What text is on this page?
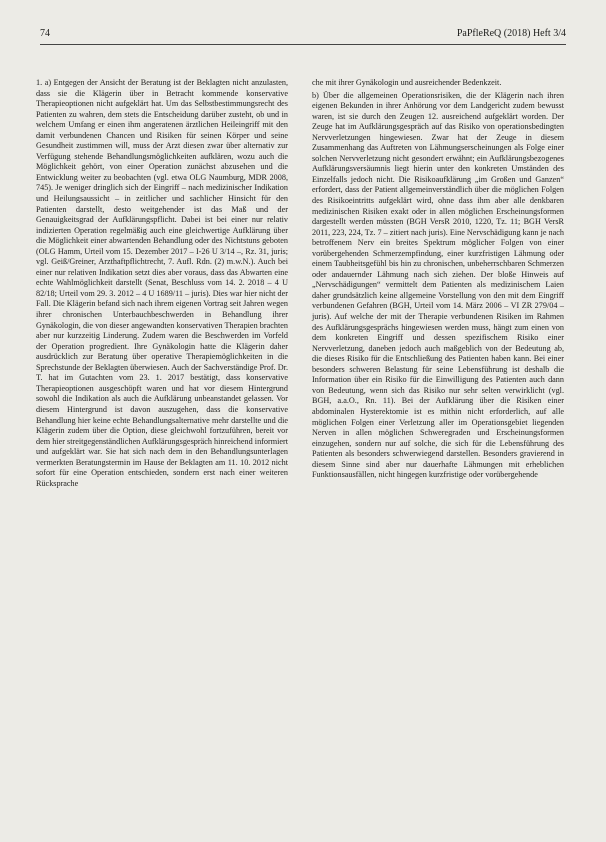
74	PaPfleReQ (2018) Heft 3/4

1. a) Entgegen der Ansicht der Beratung ist der Beklagten nicht anzulasten, dass sie die Klägerin über in Betracht kommende konservative Therapieoptionen nicht aufgeklärt hat. Um das Selbstbestimmungsrecht des Patienten zu wahren, dem stets die Entscheidung darüber zusteht, ob und in welchem Umfang er einen ihm angeratenen ärztlichen Heileingriff mit den damit verbundenen Chancen und Risiken für seinen Körper und seine Gesundheit zustimmen will, muss der Arzt diesen zwar über alternativ zur Verfügung stehende Behandlungsmöglichkeiten aufklären, wozu auch die Möglichkeit gehört, von einer Operation zunächst abzusehen und die Entwicklung weiter zu beobachten (vgl. etwa OLG Naumburg, MDR 2008, 745). Je weniger dringlich sich der Eingriff – nach medizinischer Indikation und Heilungsaussicht – in zeitlicher und sachlicher Hinsicht für den Patienten darstellt, desto weitgehender ist das Maß und der Genauigkeitsgrad der Aufklärungspflicht. Dabei ist bei einer nur relativ indizierten Operation regelmäßig auch eine gleichwertige Aufklärung über die Möglichkeit einer abwartenden Behandlung oder des Nichtstuns geboten (OLG Hamm, Urteil vom 15. Dezember 2017 – I-26 U 3/14 –, Rz. 31, juris; vgl. Geiß/Greiner, Arzthaftpflichtrecht, 7. Aufl. Rdn. (2) m.w.N.). Auch bei einer nur relativen Indikation setzt dies aber voraus, dass das Abwarten eine echte Wahlmöglichkeit darstellt (Senat, Beschluss vom 14. 2. 2018 – 4 U 82/18; Urteil vom 29. 3. 2012 – 4 U 1689/11 – juris). Dies war hier nicht der Fall. Die Klägerin befand sich nach ihrem eigenen Vortrag seit Jahren wegen ihrer chronischen Unterbauchbeschwerden in Behandlung ihrer Gynäkologin, die von dieser angewandten konservativen Therapien brachten aber nur kurzzeitig Linderung. Zudem waren die Beschwerden im Vorfeld der Operation progredient. Ihre Gynäkologin hatte die Klägerin daher ausdrücklich zur Beratung über operative Therapiemöglichkeiten in die Sprechstunde der Beklagten überwiesen. Auch der Sachverständige Prof. Dr. T. hat im Gutachten vom 23. 1. 2017 bestätigt, dass konservative Therapieoptionen ausgeschöpft waren und hat vor diesem Hintergrund sowohl die Indikation als auch die Aufklärung unbeanstandet gelassen. Vor diesem Hintergrund ist davon auszugehen, dass die konservative Behandlung hier keine echte Behandlungsalternative mehr darstellte und die Klägerin zudem über die Option, diese gleichwohl fortzuführen, bereit vor dem hier streitgegenständlichen Aufklärungsgespräch hinreichend informiert und aufgeklärt war. Sie hat sich nach dem in den Behandlungsunterlagen vermerkten Beratungstermin im Hause der Beklagten am 11. 10. 2012 nicht sofort für eine Operation entschieden, sondern erst nach einer weiteren Rücksprache

che mit ihrer Gynäkologin und ausreichender Bedenkzeit.

b) Über die allgemeinen Operationsrisiken, die der Klägerin nach ihren eigenen Bekunden in ihrer Anhörung vor dem Landgericht zudem bewusst waren, ist sie durch den Zeugen 12. ausreichend aufgeklärt worden. Der Zeuge hat im Aufklärungsgespräch auf das Risiko von operationsbedingten Nervverletzungen hingewiesen. Zwar hat der Zeuge in diesem Zusammenhang das Auftreten von Lähmungserscheinungen als Folge einer solchen Nervverletzung nicht gesondert erwähnt; ein Aufklärungsbezogenes Aufklärungsversäumnis liegt hierin unter den konkreten Umständen des Einzelfalls jedoch nicht. Die Risikoaufklärung „im Großen und Ganzen“ erfordert, dass der Patient allgemeinverständlich über die möglichen Folgen des Risikoeintritts aufgeklärt wird, ohne dass ihm aber alle denkbaren medizinischen Risiken exakt oder in allen möglichen Erscheinungsformen dargestellt werden müssten (BGH VersR 2010, 1220, Tz. 11; BGH VersR 2011, 223, 224, Tz. 7 – zitiert nach juris). Eine Nervschädigung kann je nach betroffenem Nerv ein breites Spektrum möglicher Folgen von einer vorübergehenden Schmerzempfindung, einer kurzfristigen Lähmung oder einem Taubheitsgefühl bis hin zu chronischen, unbeherrschbaren Schmerzen oder andauernder Lähmung nach sich ziehen. Der bloße Hinweis auf „Nervschädigungen“ vermittelt dem Patienten als medizinischem Laien daher grundsätzlich keine allgemeine Vorstellung von den mit dem Eingriff verbundenen Gefahren (BGH, Urteil vom 14. März 2006 – VI ZR 279/04 – juris). Auf welche der mit der Therapie verbundenen Risiken im Rahmen des Aufklärungsgesprächs hingewiesen werden muss, hängt zum einen von dem konkreten Eingriff und dessen spezifischem Risiko einer Nervverletzung, daneben jedoch auch maßgeblich von der Bedeutung ab, die dieses Risiko für die Entschließung des Patienten haben kann. Bei einer besonders schweren Belastung für seine Lebensführung ist deshalb die Information über ein Risiko für die Einwilligung des Patienten auch dann von Bedeutung, wenn sich das Risiko nur sehr selten verwirklicht (vgl. BGH, a.a.O., Rn. 11). Bei der Aufklärung über die Risiken einer abdominalen Hysterektomie ist es mithin nicht erforderlich, auf alle möglichen Folgen einer Verletzung aller im Operationsgebiet liegenden Nerven in allen möglichen Schweregraden und Erscheinungsformen einzugehen, sondern nur auf solche, die sich für die Lebensführung des Patienten als besonders schwerwiegend darstellen. Besonders gravierend in diesem Sinne sind aber nur dauerhafte Lähmungen mit erheblichen Funktionsausfällen, nicht hingegen kurzfristige oder vorübergehende
